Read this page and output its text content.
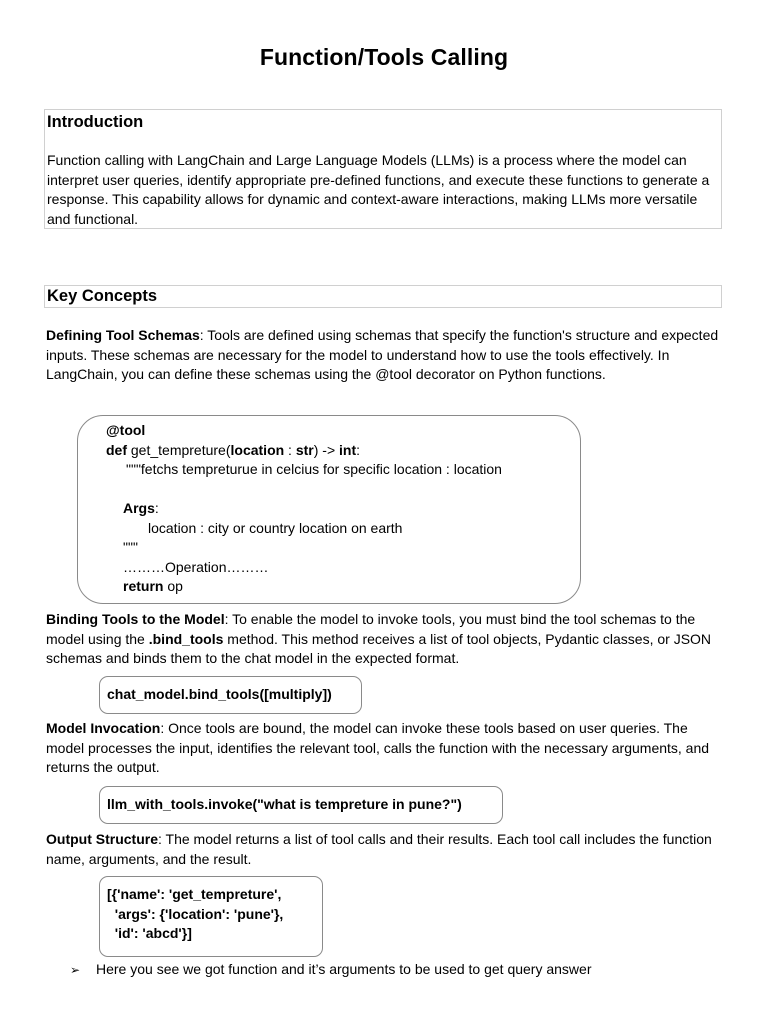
Function/Tools Calling
Introduction

Function calling with LangChain and Large Language Models (LLMs) is a process where the model can interpret user queries, identify appropriate pre-defined functions, and execute these functions to generate a response. This capability allows for dynamic and context-aware interactions, making LLMs more versatile and functional.

Key Concepts

Defining Tool Schemas: Tools are defined using schemas that specify the function's structure and expected inputs. These schemas are necessary for the model to understand how to use the tools effectively. In LangChain, you can define these schemas using the @tool decorator on Python functions.

@tool
def get_tempreture(location : str) -> int:
"""fetchs tempreturue in celcius for specific location : location
Args:
location : city or country location on earth
"""
………Operation………
return op

Binding Tools to the Model: To enable the model to invoke tools, you must bind the tool schemas to the model using the .bind_tools method. This method receives a list of tool objects, Pydantic classes, or JSON schemas and binds them to the chat model in the expected format.

chat_model.bind_tools([multiply])

Model Invocation: Once tools are bound, the model can invoke these tools based on user queries. The model processes the input, identifies the relevant tool, calls the function with the necessary arguments, and returns the output.

llm_with_tools.invoke("what is tempreture in pune?")

Output Structure: The model returns a list of tool calls and their results. Each tool call includes the function name, arguments, and the result.

[{'name': 'get_tempreture',
'args': {'location': 'pune'},
'id': 'abcd'}]
➢ Here you see we got function and it’s arguments to be used to get query answer
